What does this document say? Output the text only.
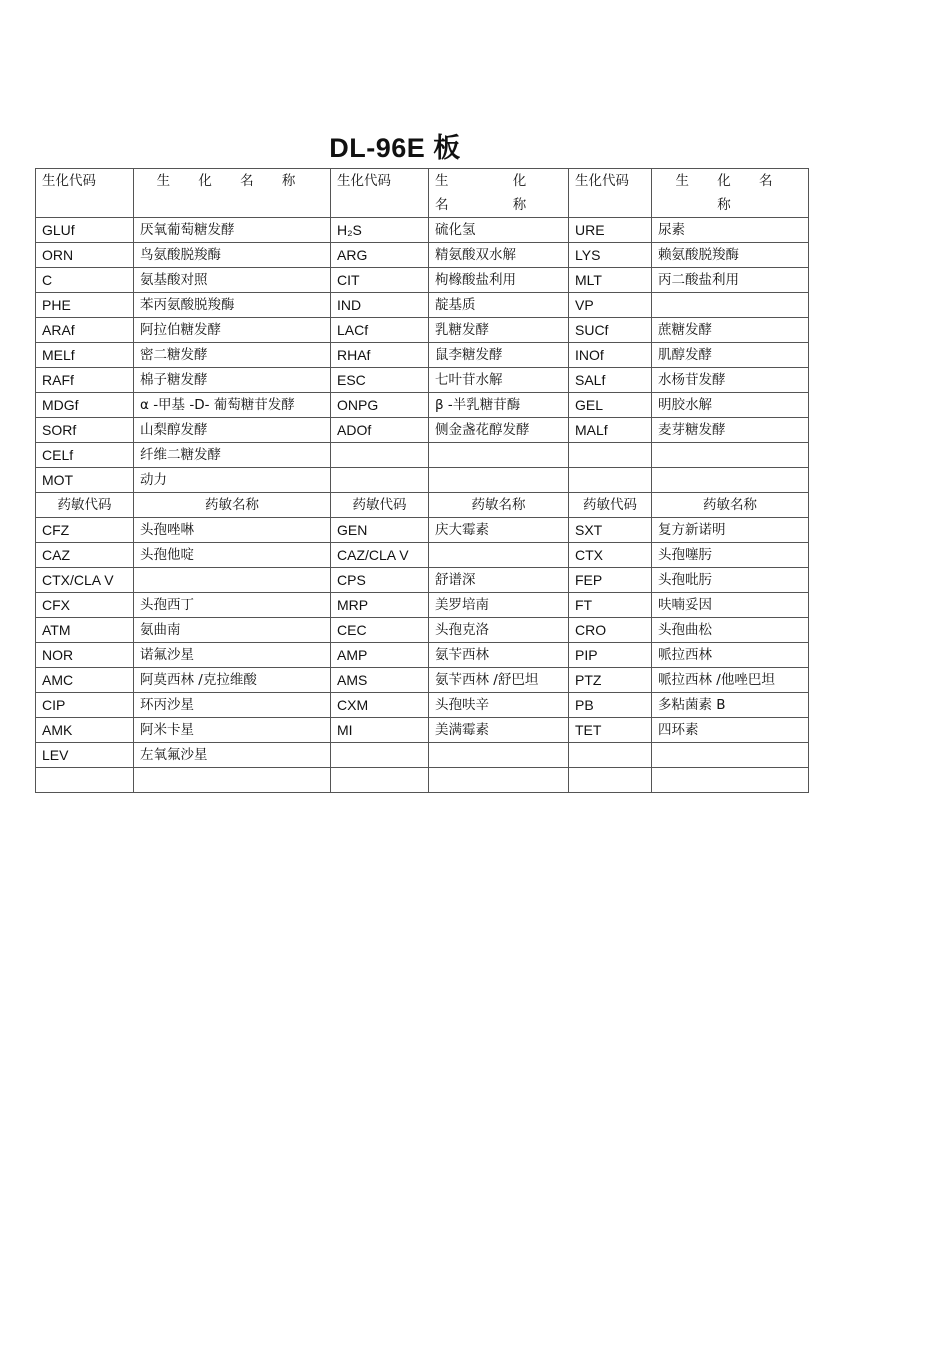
DL-96E 板
生化代码	生 化 名 称	生化代码	生 化 名 称	生化代码	生 化 名 称
GLUf	厌氧葡萄糖发酵	H₂S	硫化氢	URE	尿素
ORN	鸟氨酸脱羧酶	ARG	精氨酸双水解	LYS	赖氨酸脱羧酶
C	氨基酸对照	CIT	枸橼酸盐利用	MLT	丙二酸盐利用
PHE	苯丙氨酸脱羧酶	IND	靛基质	VP	
ARAf	阿拉伯糖发酵	LACf	乳糖发酵	SUCf	蔗糖发酵
MELf	密二糖发酵	RHAf	鼠李糖发酵	INOf	肌醇发酵
RAFf	棉子糖发酵	ESC	七叶苷水解	SALf	水杨苷发酵
MDGf	α -甲基 -D- 葡萄糖苷发酵	ONPG	β -半乳糖苷酶	GEL	明胶水解
SORf	山梨醇发酵	ADOf	侧金盏花醇发酵	MALf	麦芽糖发酵
CELf	纤维二糖发酵				
MOT	动力				
药敏代码	药敏名称	药敏代码	药敏名称	药敏代码	药敏名称
CFZ	头孢唑啉	GEN	庆大霉素	SXT	复方新诺明
CAZ	头孢他啶	CAZ/CLA V		CTX	头孢噻肟
CTX/CLA V		CPS	舒谱深	FEP	头孢吡肟
CFX	头孢西丁	MRP	美罗培南	FT	呋喃妥因
ATM	氨曲南	CEC	头孢克洛	CRO	头孢曲松
NOR	诺氟沙星	AMP	氨苄西林	PIP	哌拉西林
AMC	阿莫西林 /克拉维酸	AMS	氨苄西林 /舒巴坦	PTZ	哌拉西林 /他唑巴坦
CIP	环丙沙星	CXM	头孢呋辛	PB	多粘菌素 B
AMK	阿米卡星	MI	美满霉素	TET	四环素
LEV	左氧氟沙星				
